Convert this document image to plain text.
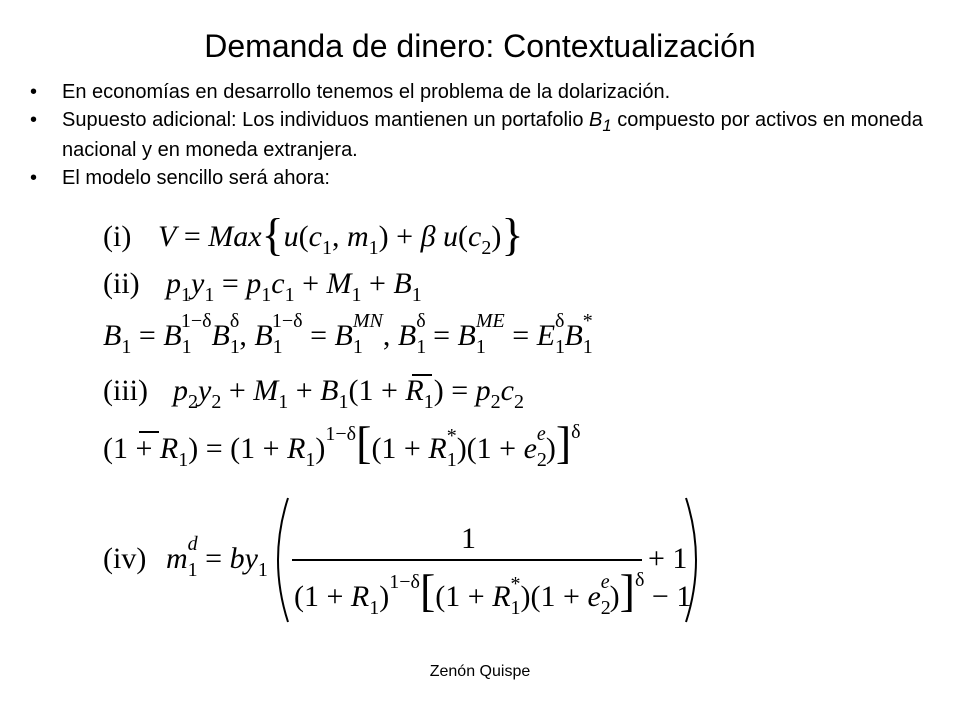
Demanda de dinero: Contextualización
• En economías en desarrollo tenemos el problema de la dolarización.
• Supuesto adicional: Los individuos mantienen un portafolio $B_1$ compuesto por activos en moneda nacional y en moneda extranjera.
• El modelo sencillo será ahora:
(i) $V = Max\{u(c_1$, $m_1) + \beta$ $u(c_2)$}
(ii) $p_1y_1 = p_1c_1 + M_1 + B_1$
$B_1 = B_11-\delta B_1\delta$, $B_11-\delta = B_1MN$, $B_1\delta = B_1ME = E_1\delta B_1*$
(iii) $p_2y_2 + M_1 + B_1(1 + R_1) = p_2c_2$
$(1 + R_1) = (1 + R_1)^{1-\delta}[(1 + R_1*)(1 + e_2e)]^\delta$
(iv) $m_1d = by_1$
1
+ 1
$(1 + R_1)^{1-\delta}[(1 + R_1*)(1 + e_2e)]^\delta - 1$
Zenón Quispe
